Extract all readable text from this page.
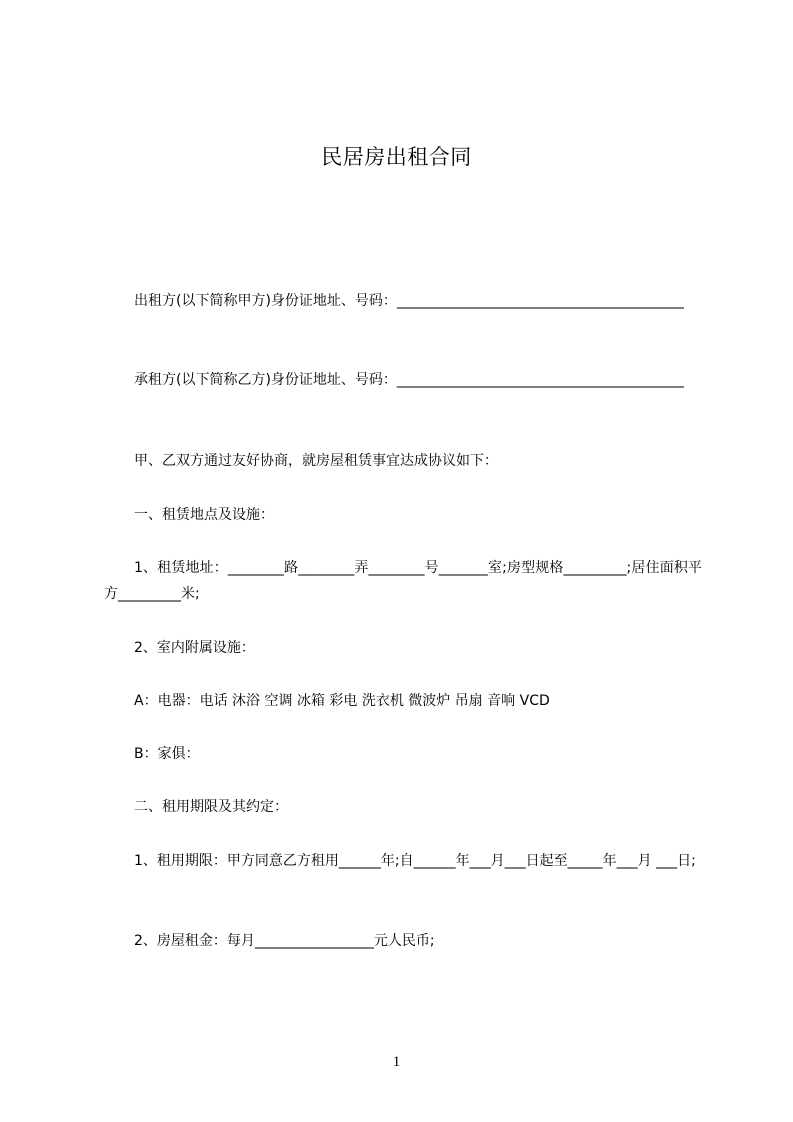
民居房出租合同
出租方(以下简称甲方)身份证地址、号码：_________________________________________
承租方(以下简称乙方)身份证地址、号码：_________________________________________
甲、乙双方通过友好协商，就房屋租赁事宜达成协议如下：
一、租赁地点及设施：
1、租赁地址：________路________弄________号_______室;房型规格_________;居住面积平方_________米;
2、室内附属设施：
A：电器：电话 沐浴 空调 冰箱 彩电 洗衣机 微波炉 吊扇 音响 VCD
B：家俱：
二、租用期限及其约定：
1、租用期限：甲方同意乙方租用______年;自______年___月___日起至_____年___月 ___日;
2、房屋租金：每月_________________元人民币;
1
